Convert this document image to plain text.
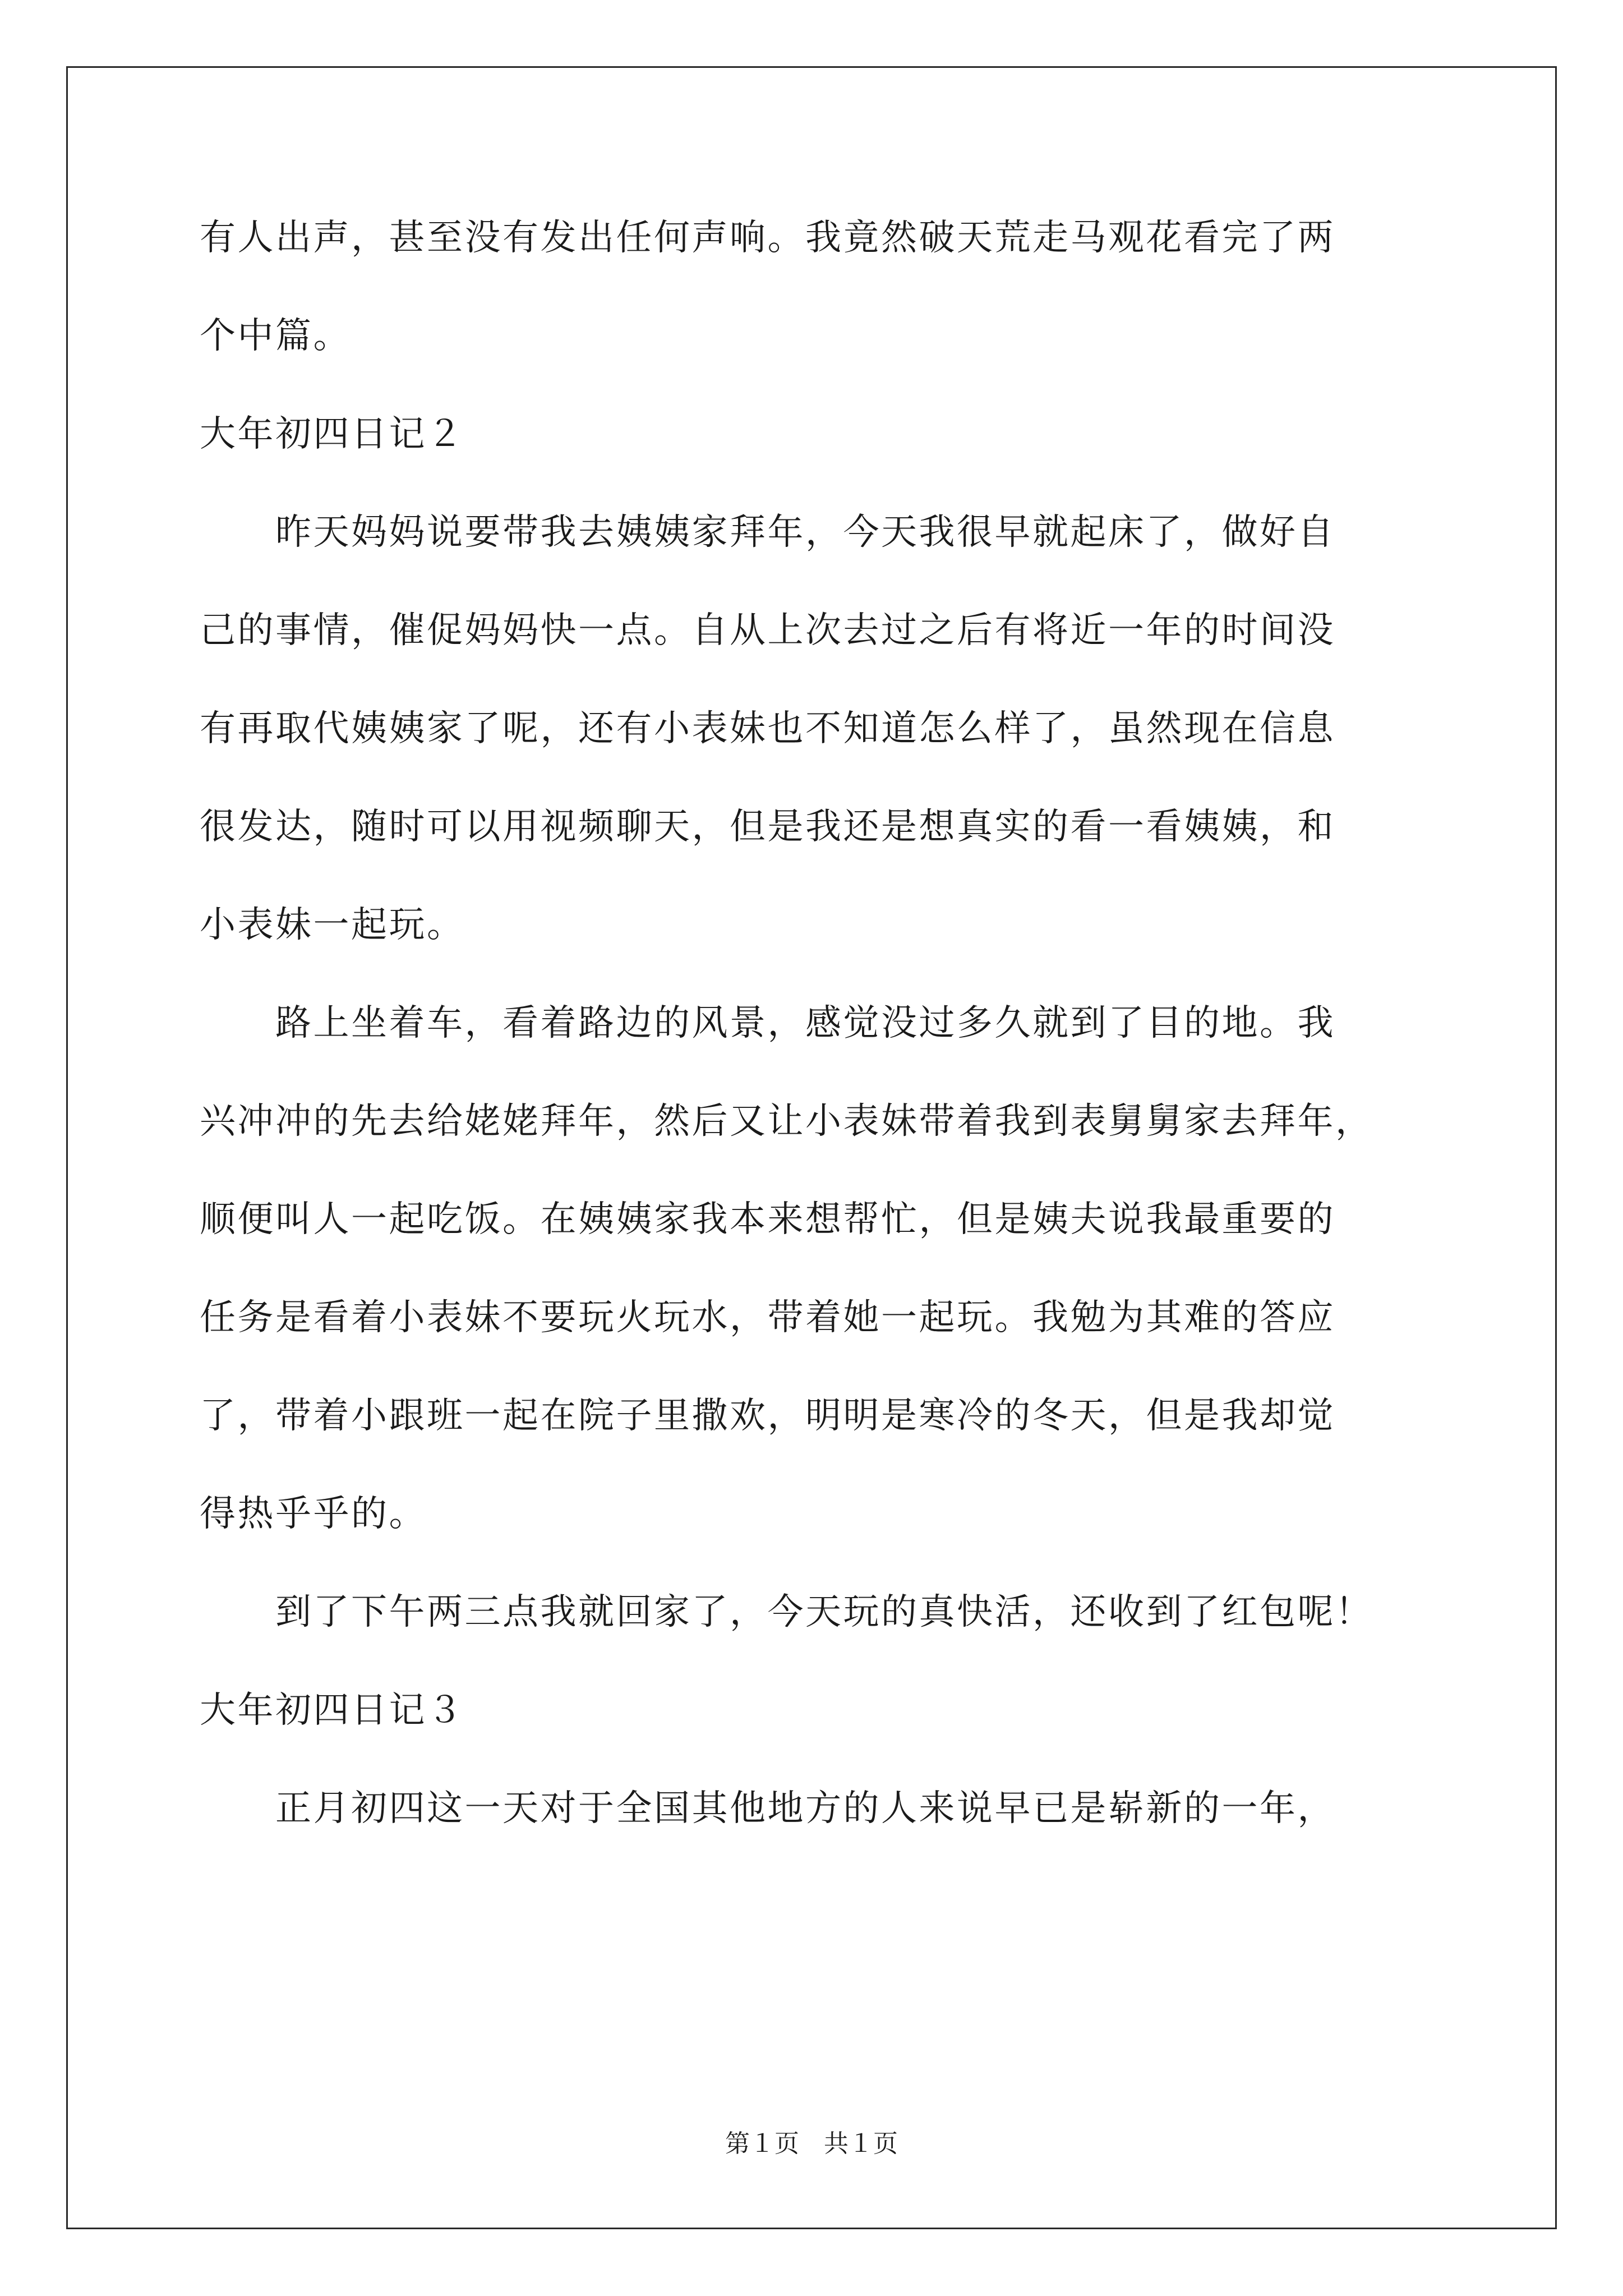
有人出声，甚至没有发出任何声响。我竟然破天荒走马观花看完了两
个中篇。
大年初四日记２
　　昨天妈妈说要带我去姨姨家拜年，今天我很早就起床了，做好自
己的事情，催促妈妈快一点。自从上次去过之后有将近一年的时间没
有再取代姨姨家了呢，还有小表妹也不知道怎么样了，虽然现在信息
很发达，随时可以用视频聊天，但是我还是想真实的看一看姨姨，和
小表妹一起玩。
　　路上坐着车，看着路边的风景，感觉没过多久就到了目的地。我
兴冲冲的先去给姥姥拜年，然后又让小表妹带着我到表舅舅家去拜年，
顺便叫人一起吃饭。在姨姨家我本来想帮忙，但是姨夫说我最重要的
任务是看着小表妹不要玩火玩水，带着她一起玩。我勉为其难的答应
了，带着小跟班一起在院子里撒欢，明明是寒冷的冬天，但是我却觉
得热乎乎的。
　　到了下午两三点我就回家了，今天玩的真快活，还收到了红包呢！
大年初四日记３
　　正月初四这一天对于全国其他地方的人来说早已是崭新的一年，
第１页　共１页
